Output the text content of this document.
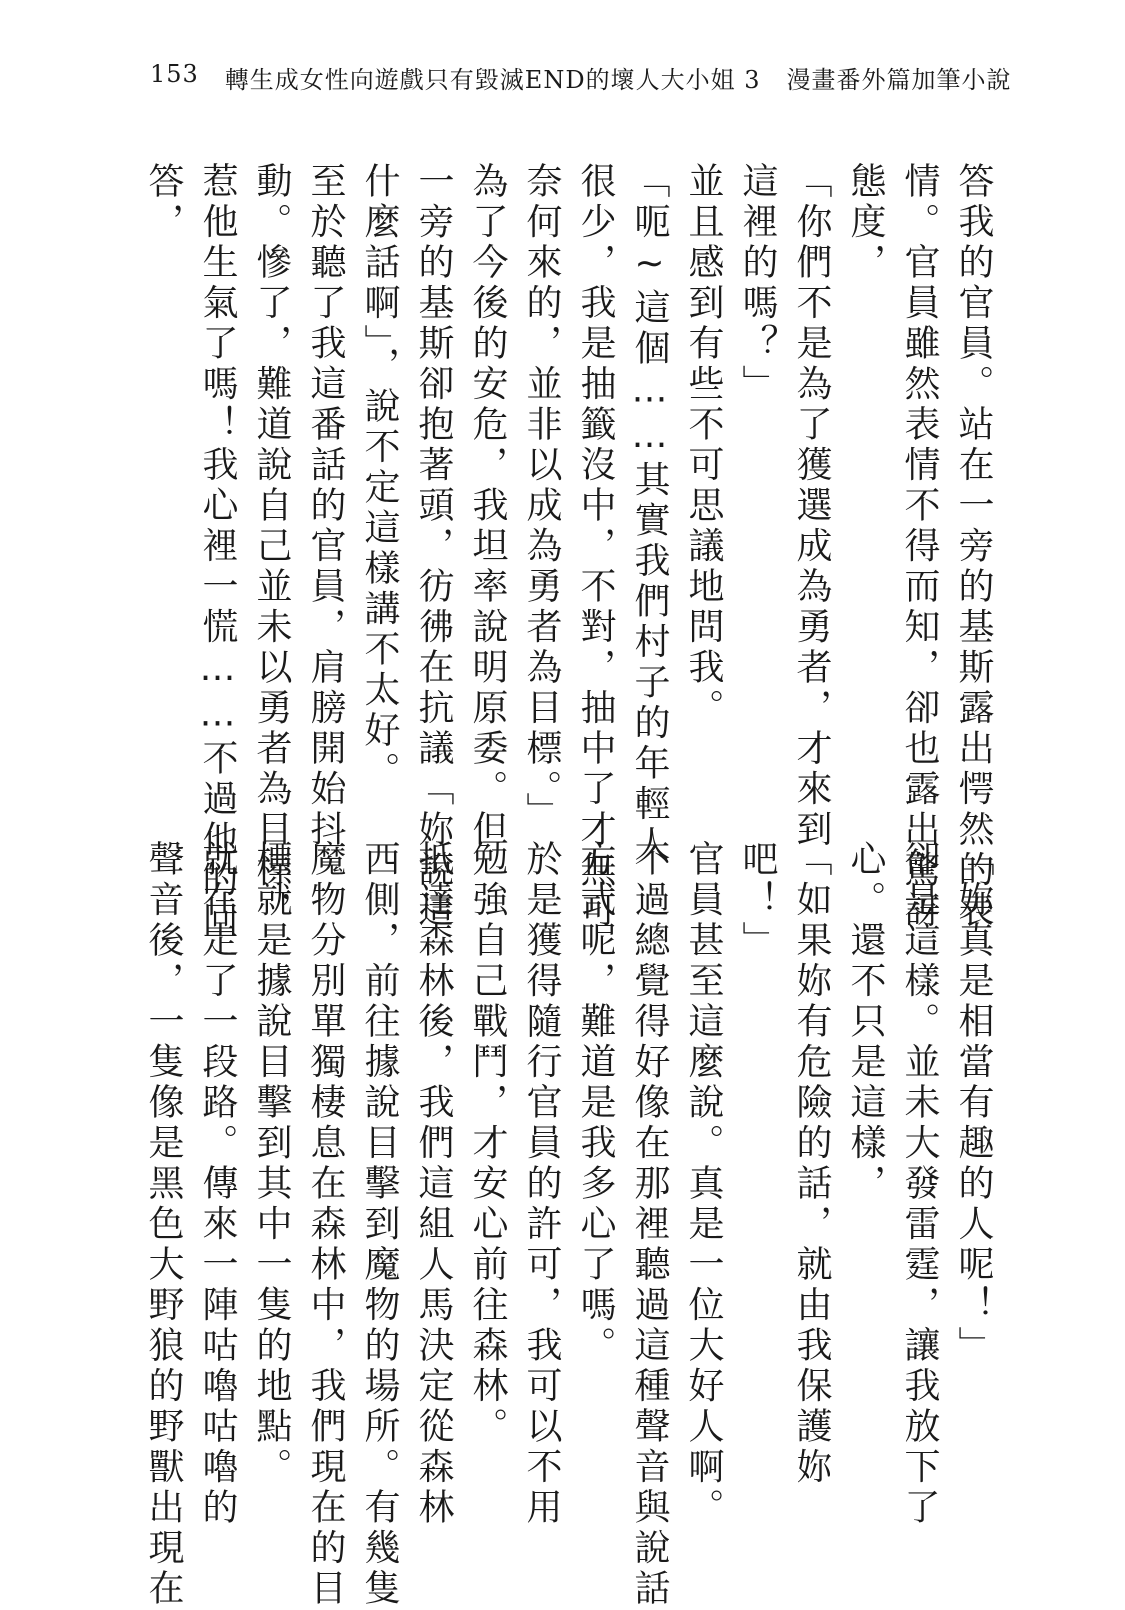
153 轉生成女性向遊戲只有毀滅END的壞人大小姐 3 漫畫番外篇加筆小說
答我的官員。站在一旁的基斯露出愕然的表
情。官員雖然表情不得而知，卻也露出驚訝
態度，
「你們不是為了獲選成為勇者，才來到
這裡的嗎？」
並且感到有些不可思議地問我。
「呃∼這個……其實我們村子的年輕人
很少，我是抽籤沒中，不對，抽中了才無可
奈何來的，並非以成為勇者為目標。」
為了今後的安危，我坦率說明原委。但
一旁的基斯卻抱著頭，彷彿在抗議「妳說這
什麼話啊」，說不定這樣講不太好。
至於聽了我這番話的官員，肩膀開始抖
動。慘了，難道說自己並未以勇者為目標，
惹他生氣了嗎！我心裡一慌……不過他的回
答，
「妳真是相當有趣的人呢！」
卻是這樣。並未大發雷霆，讓我放下了
心。還不只是這樣，
「如果妳有危險的話，就由我保護妳
吧！」
官員甚至這麼說。真是一位大好人啊。
不過總覺得好像在那裡聽過這種聲音與說話
方式呢，難道是我多心了嗎。
於是獲得隨行官員的許可，我可以不用
勉強自己戰鬥，才安心前往森林。
抵達森林後，我們這組人馬決定從森林
西側，前往據說目擊到魔物的場所。有幾隻
魔物分別單獨棲息在森林中，我們現在的目
標就是據說目擊到其中一隻的地點。
就在走了一段路。傳來一陣咕嚕咕嚕的
聲音後，一隻像是黑色大野狼的野獸出現在
